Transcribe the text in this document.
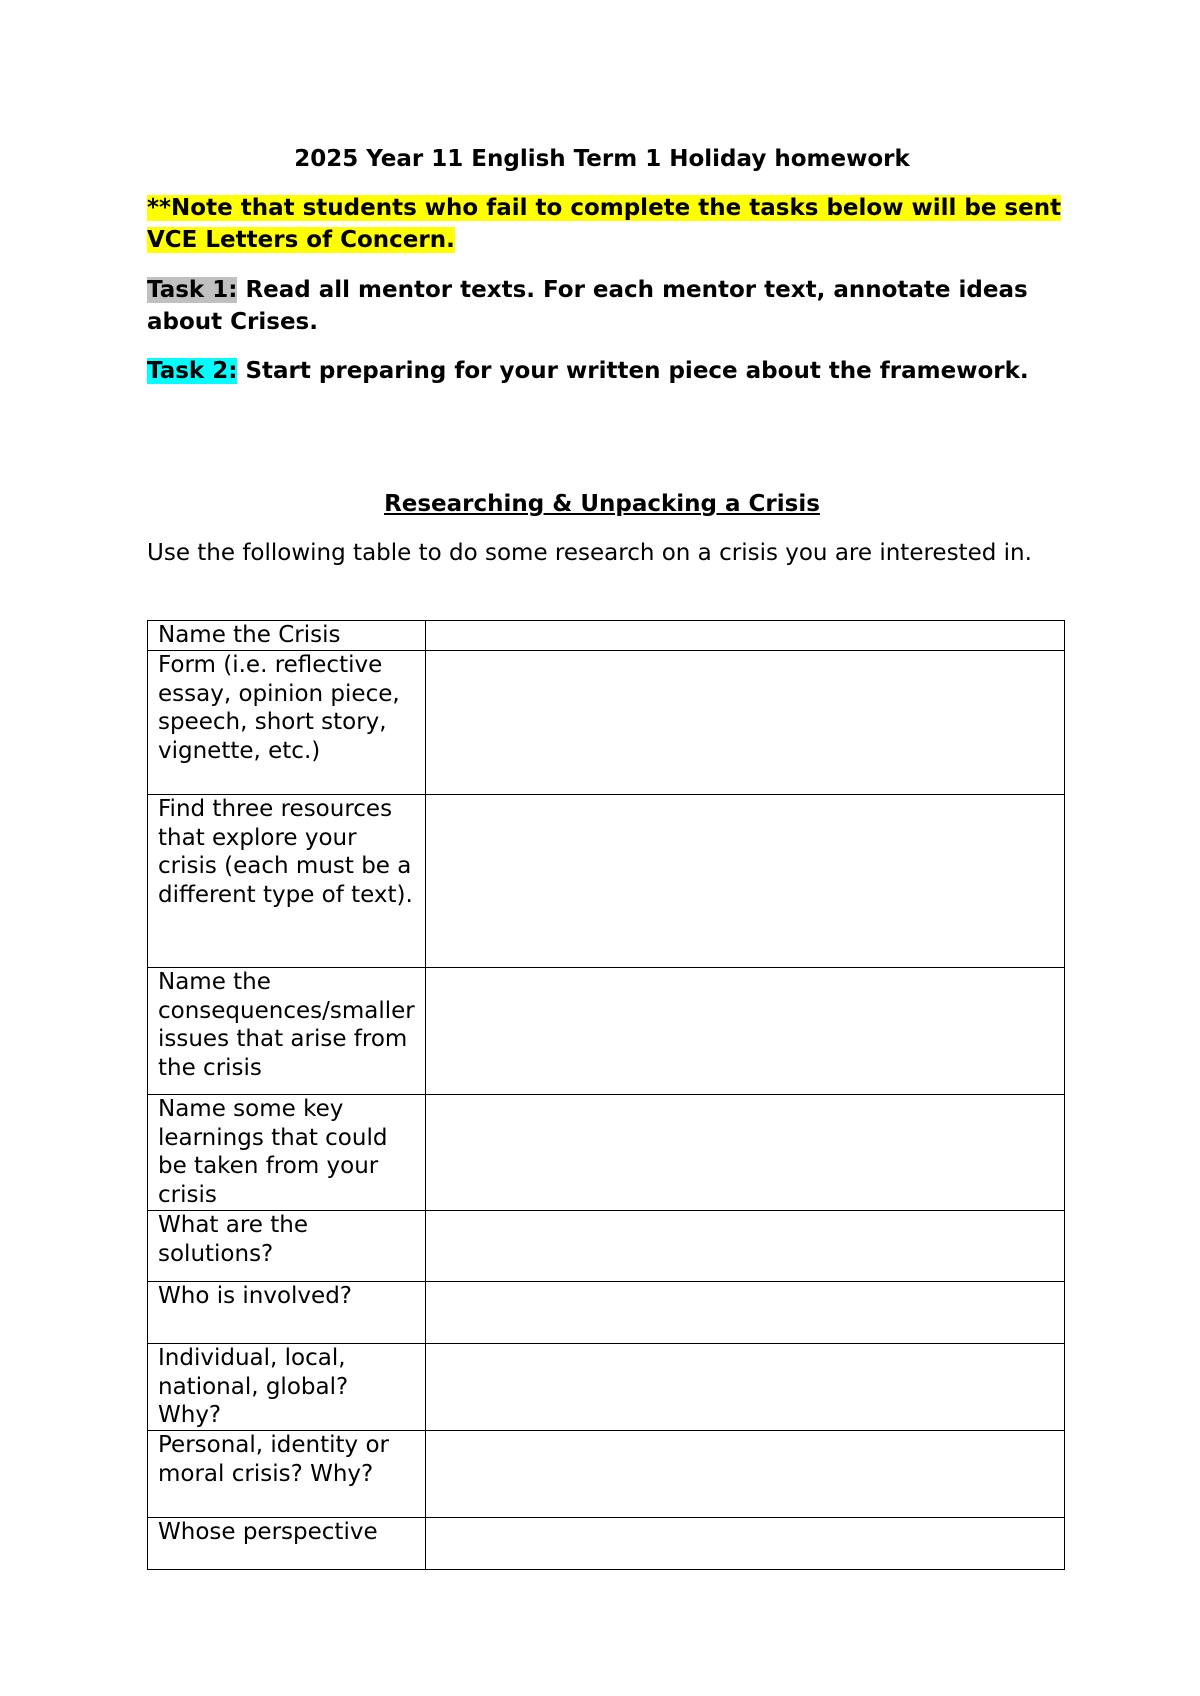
2025 Year 11 English Term 1 Holiday homework

**Note that students who fail to complete the tasks below will be sent VCE Letters of Concern.

Task 1: Read all mentor texts. For each mentor text, annotate ideas about Crises.

Task 2: Start preparing for your written piece about the framework.

Researching & Unpacking a Crisis

Use the following table to do some research on a crisis you are interested in.

Name the Crisis	
Form (i.e. reflective essay, opinion piece, speech, short story, vignette, etc.)	
Find three resources that explore your crisis (each must be a different type of text).	
Name the consequences/smaller issues that arise from the crisis	
Name some key learnings that could be taken from your crisis	
What are the solutions?	
Who is involved?	
Individual, local, national, global? Why?	
Personal, identity or moral crisis? Why?	
Whose perspective	
